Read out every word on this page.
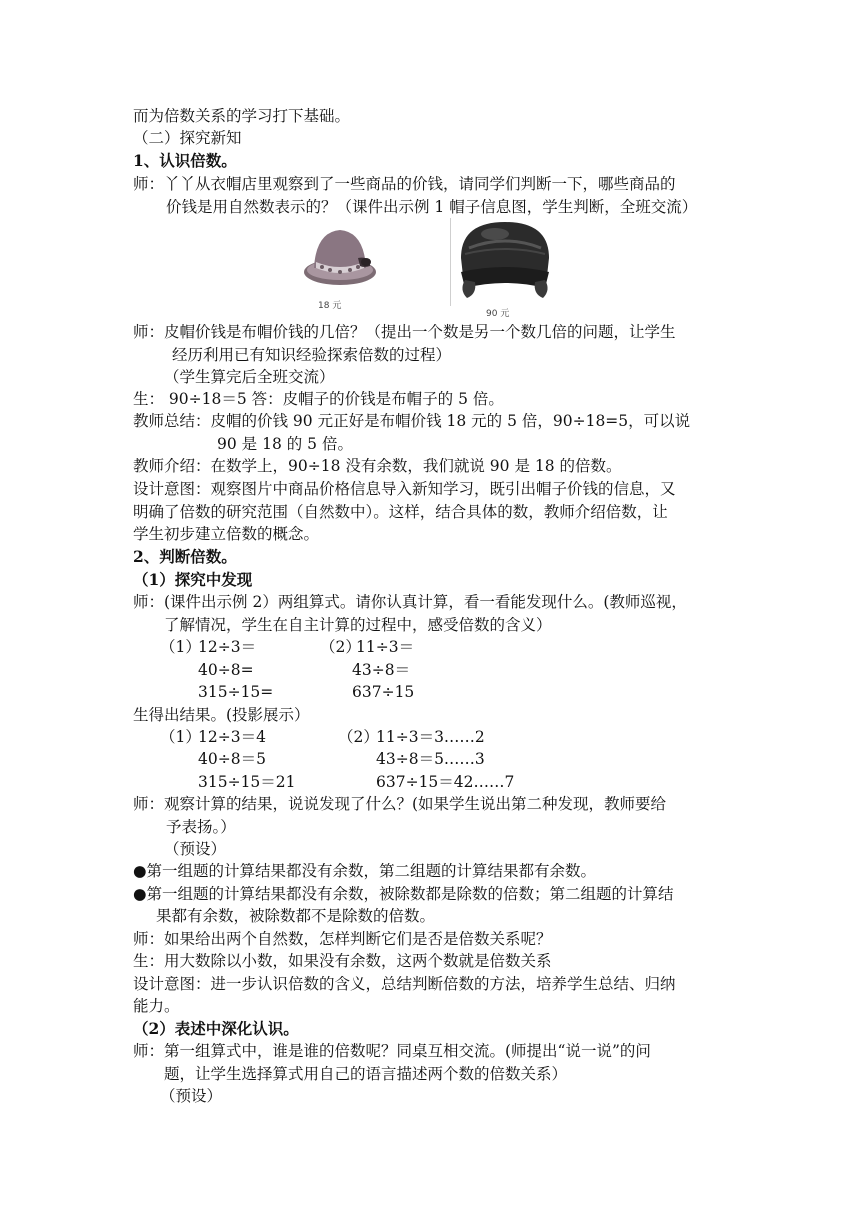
而为倍数关系的学习打下基础。
（二）探究新知
1、认识倍数。
师：丫丫从衣帽店里观察到了一些商品的价钱，请同学们判断一下，哪些商品的
价钱是用自然数表示的？（课件出示例 1 帽子信息图，学生判断，全班交流）
18 元
90 元
师：皮帽价钱是布帽价钱的几倍？（提出一个数是另一个数几倍的问题，让学生
经历利用已有知识经验探索倍数的过程）
（学生算完后全班交流）
生： 90÷18＝5 答：皮帽子的价钱是布帽子的 5 倍。
教师总结：皮帽的价钱 90 元正好是布帽价钱 18 元的 5 倍，90÷18=5，可以说
90 是 18 的 5 倍。
教师介绍：在数学上，90÷18 没有余数，我们就说 90 是 18 的倍数。
设计意图：观察图片中商品价格信息导入新知学习，既引出帽子价钱的信息，又
明确了倍数的研究范围（自然数中）。这样，结合具体的数，教师介绍倍数，让
学生初步建立倍数的概念。
2、判断倍数。
（1）探究中发现
师：(课件出示例 2）两组算式。请你认真计算，看一看能发现什么。(教师巡视，
了解情况，学生在自主计算的过程中，感受倍数的含义）
（1）
12÷3＝
40÷8=
315÷15=
（2）
11÷3＝
43÷8＝
637÷15
生得出结果。(投影展示）
（1）
12÷3＝4
40÷8＝5
315÷15＝21
（2）
11÷3＝3……2
43÷8＝5……3
637÷15＝42……7
师：观察计算的结果，说说发现了什么？(如果学生说出第二种发现，教师要给
予表扬。）
（预设）
●第一组题的计算结果都没有余数，第二组题的计算结果都有余数。
●第一组题的计算结果都没有余数，被除数都是除数的倍数；第二组题的计算结
果都有余数，被除数都不是除数的倍数。
师：如果给出两个自然数，怎样判断它们是否是倍数关系呢？
生：用大数除以小数，如果没有余数，这两个数就是倍数关系
设计意图：进一步认识倍数的含义，总结判断倍数的方法，培养学生总结、归纳
能力。
（2）表述中深化认识。
师：第一组算式中，谁是谁的倍数呢？同桌互相交流。(师提出“说一说”的问
题，让学生选择算式用自己的语言描述两个数的倍数关系）
（预设）
